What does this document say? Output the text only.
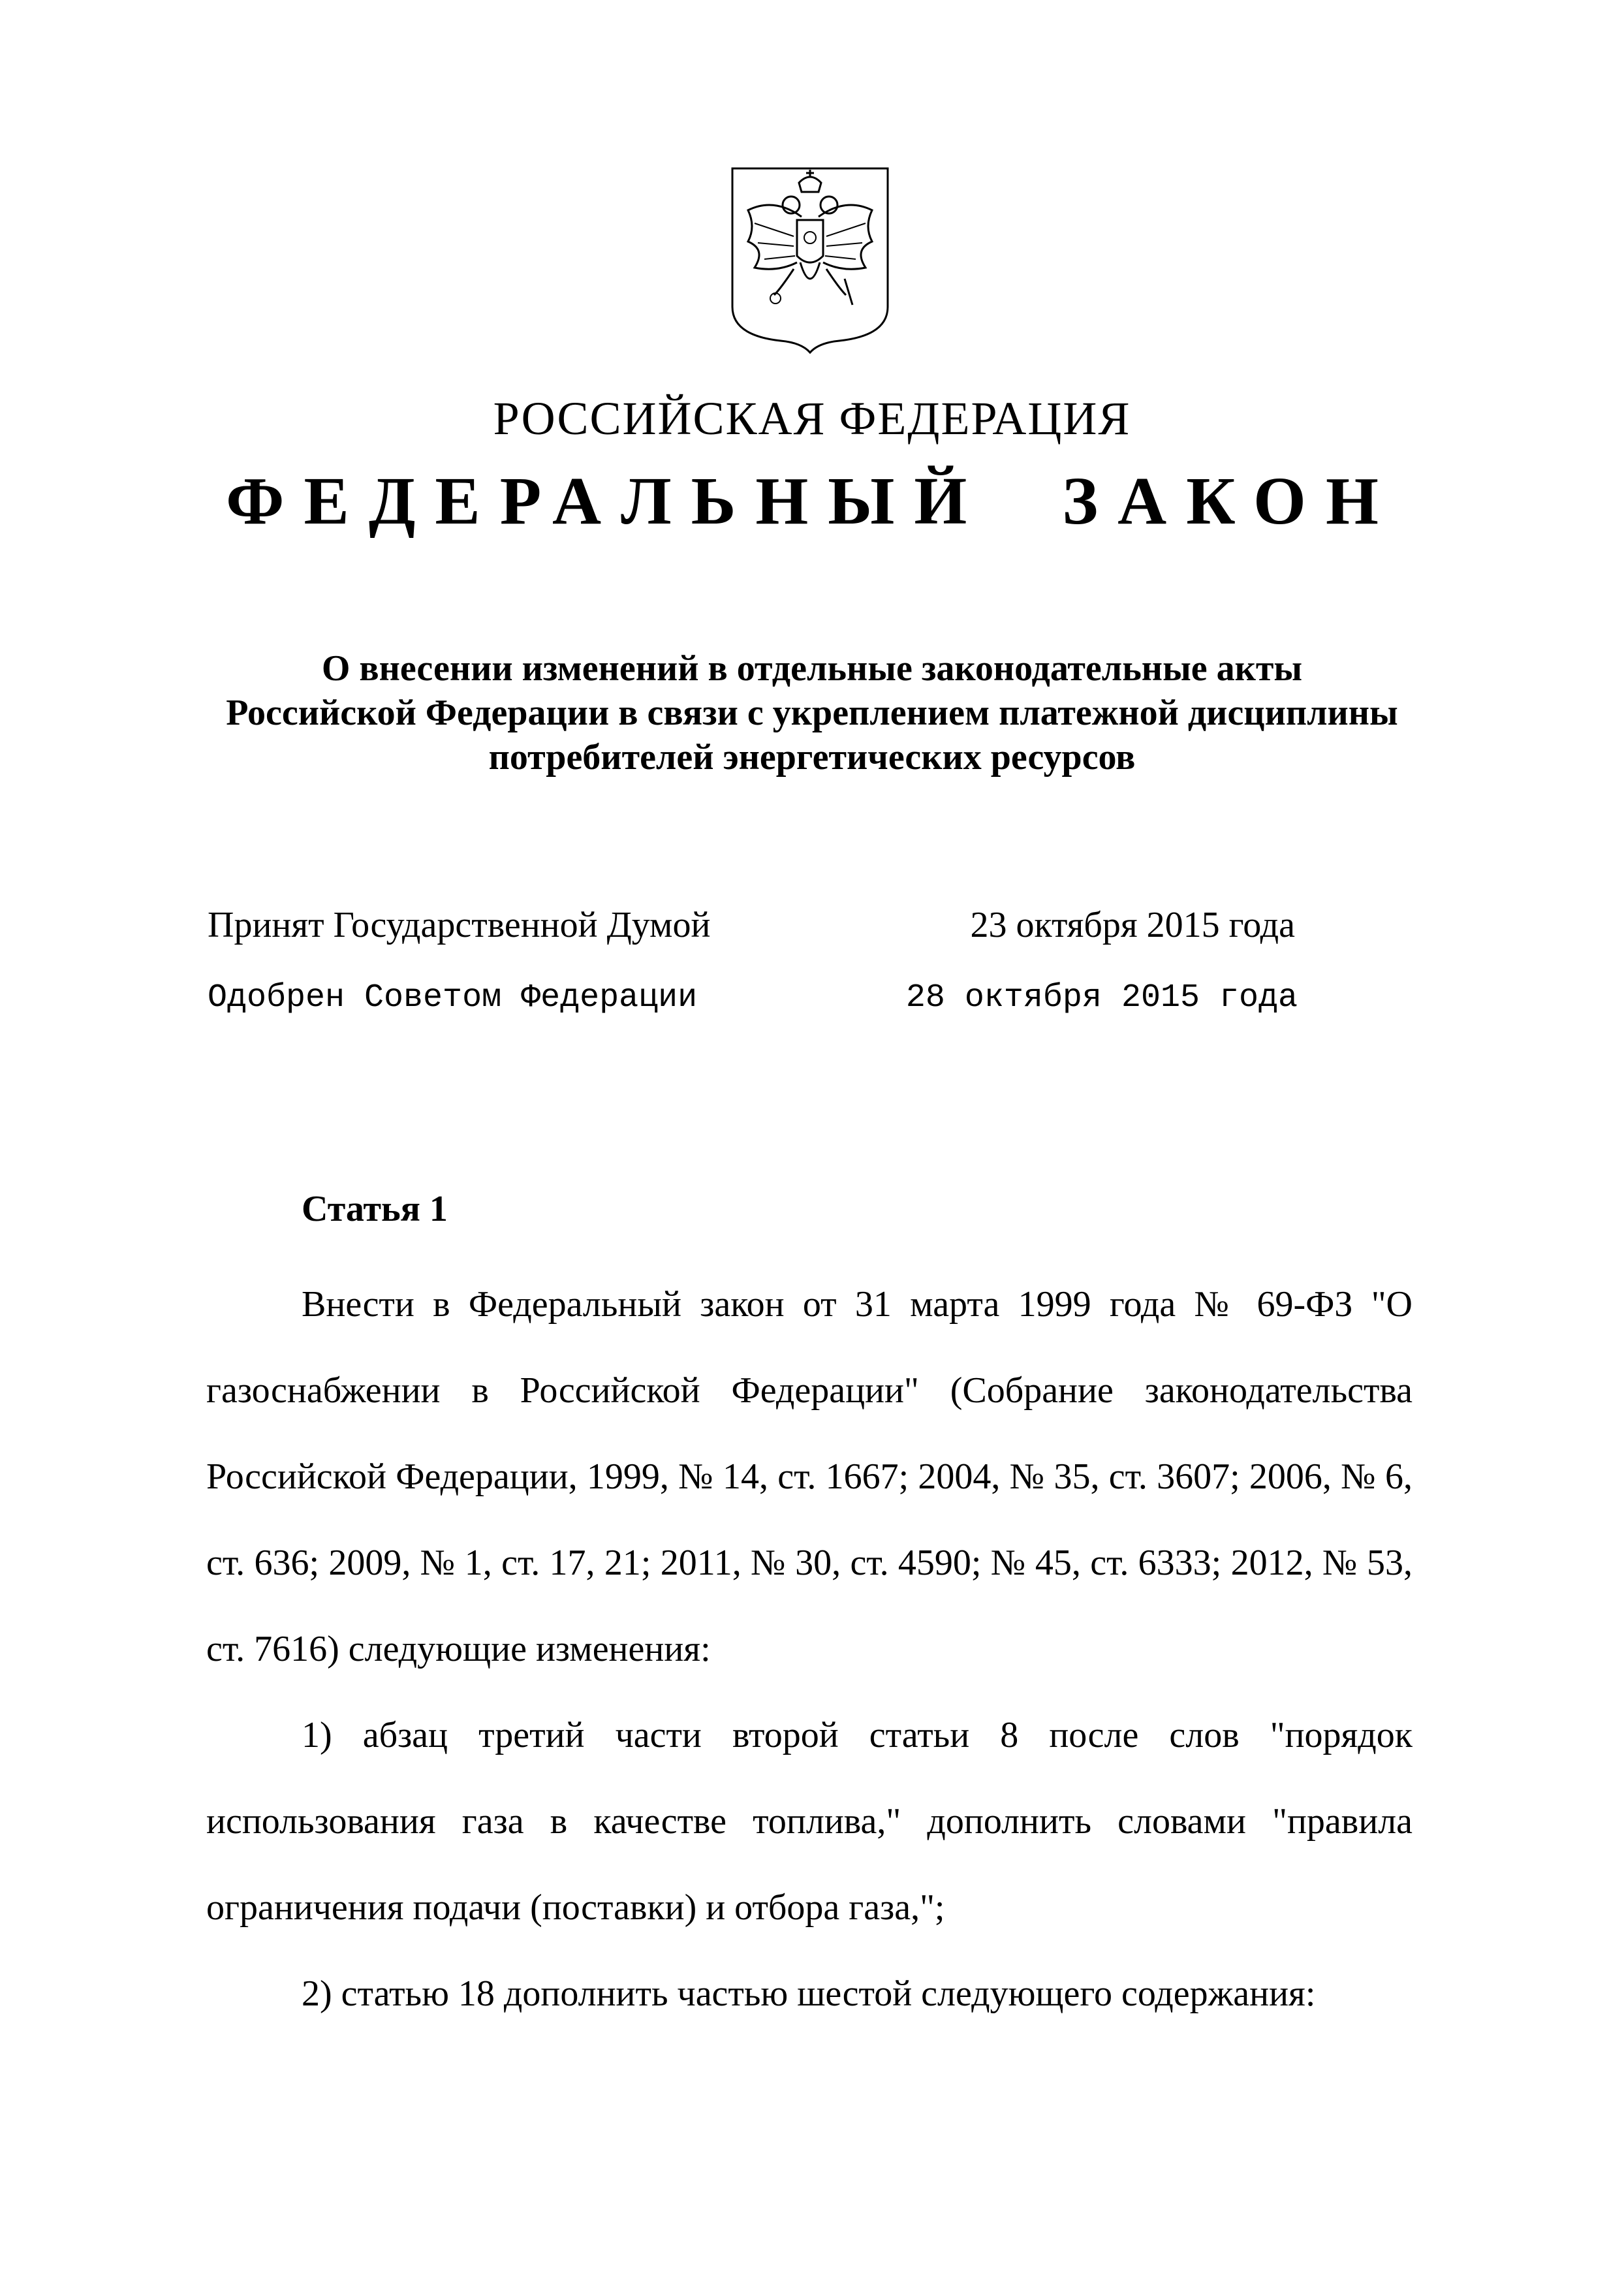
РОССИЙСКАЯ ФЕДЕРАЦИЯ
ФЕДЕРАЛЬНЫЙ ЗАКОН
О внесении изменений в отдельные законодательные акты
Российской Федерации в связи с укреплением платежной дисциплины
потребителей энергетических ресурсов
Принят Государственной Думой	23 октября 2015 года
Одобрен Советом Федерации	28 октября 2015 года
Статья 1

Внести в Федеральный закон от 31 марта 1999 года № 69-ФЗ "О газоснабжении в Российской Федерации" (Собрание законодательства Российской Федерации, 1999, № 14, ст. 1667; 2004, № 35, ст. 3607; 2006, № 6, ст. 636; 2009, № 1, ст. 17, 21; 2011, № 30, ст. 4590; № 45, ст. 6333; 2012, № 53, ст. 7616) следующие изменения:

1) абзац третий части второй статьи 8 после слов "порядок использования газа в качестве топлива," дополнить словами "правила ограничения подачи (поставки) и отбора газа,";

2) статью 18 дополнить частью шестой следующего содержания:
